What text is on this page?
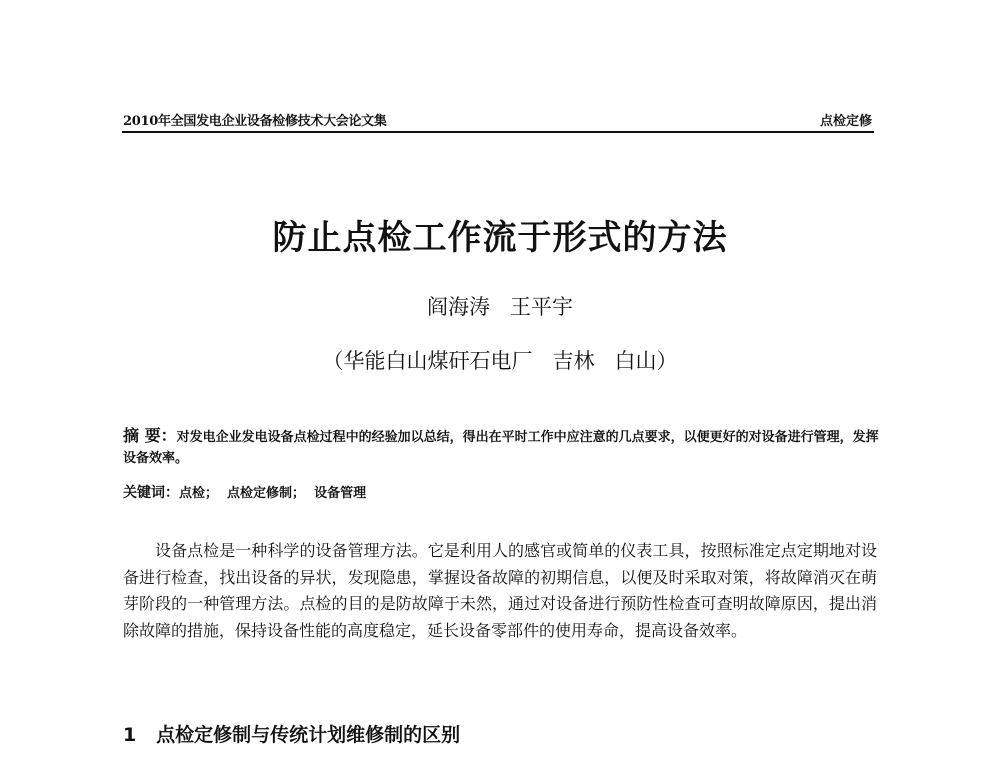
2010年全国发电企业设备检修技术大会论文集	点检定修
防止点检工作流于形式的方法
阎海涛   王平宇
（华能白山煤矸石电厂   吉林   白山）
摘 要：对发电企业发电设备点检过程中的经验加以总结，得出在平时工作中应注意的几点要求，以便更好的对设备进行管理，发挥设备效率。
关键词：点检；  点检定修制；  设备管理
设备点检是一种科学的设备管理方法。它是利用人的感官或简单的仪表工具，按照标准定点定期地对设备进行检查，找出设备的异状，发现隐患，掌握设备故障的初期信息，以便及时采取对策，将故障消灭在萌芽阶段的一种管理方法。点检的目的是防故障于未然，通过对设备进行预防性检查可查明故障原因，提出消除故障的措施，保持设备性能的高度稳定，延长设备零部件的使用寿命，提高设备效率。
1 点检定修制与传统计划维修制的区别
